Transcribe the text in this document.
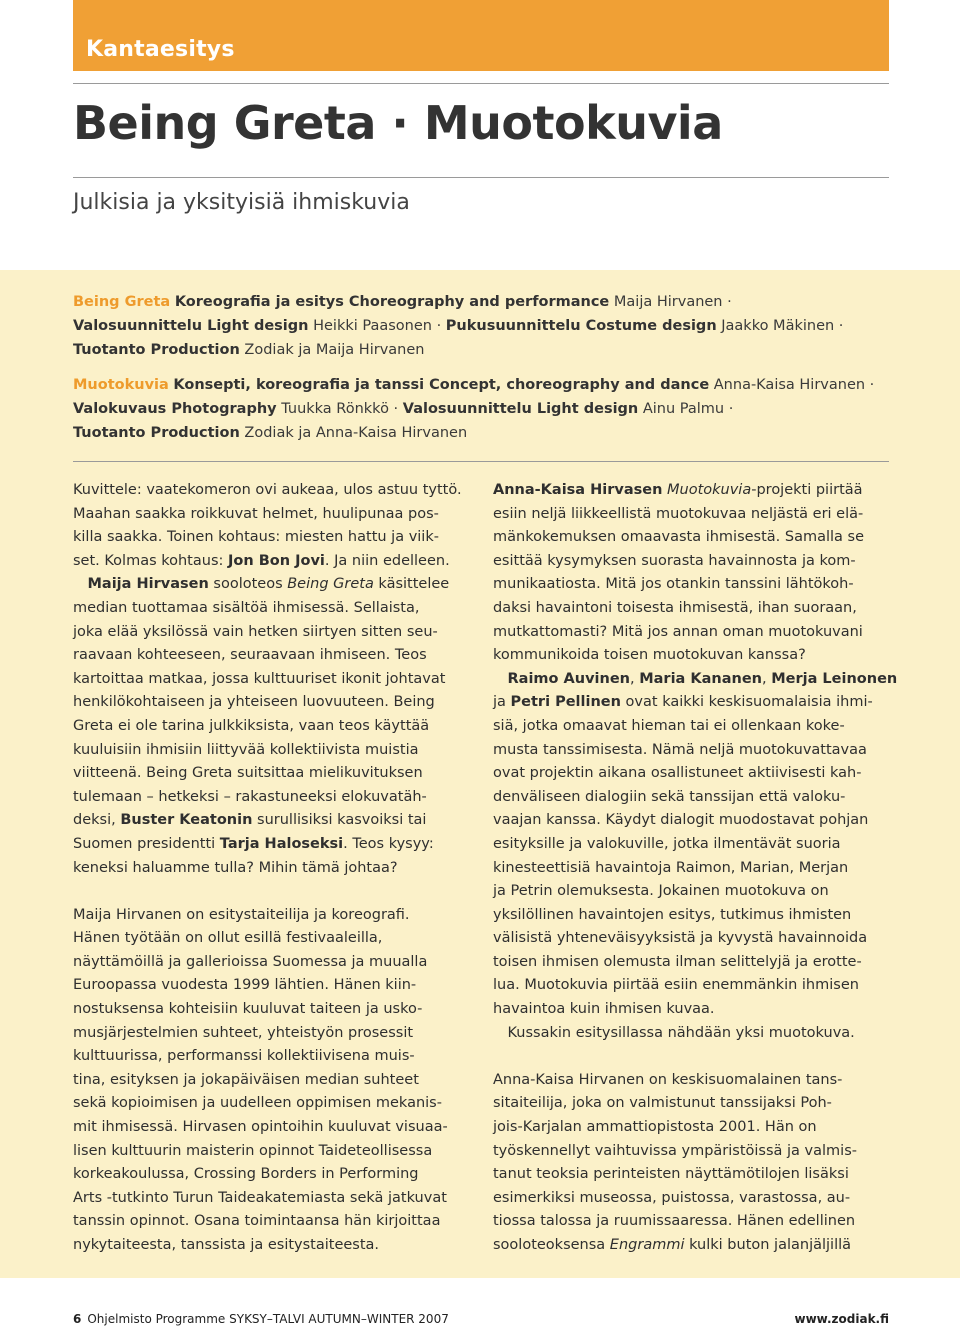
Kantaesitys
Being Greta · Muotokuvia
Julkisia ja yksityisiä ihmiskuvia
Being Greta Koreografia ja esitys Choreography and performance Maija Hirvanen ·
Valosuunnittelu Light design Heikki Paasonen · Pukusuunnittelu Costume design Jaakko Mäkinen ·
Tuotanto Production Zodiak ja Maija Hirvanen
Muotokuvia Konsepti, koreografia ja tanssi Concept, choreography and dance Anna-Kaisa Hirvanen ·
Valokuvaus Photography Tuukka Rönkkö · Valosuunnittelu Light design Ainu Palmu ·
Tuotanto Production Zodiak ja Anna-Kaisa Hirvanen
Kuvittele: vaatekomeron ovi aukeaa, ulos astuu tyttö.
Maahan saakka roikkuvat helmet, huulipunaa pos-
killa saakka. Toinen kohtaus: miesten hattu ja viik-
set. Kolmas kohtaus: Jon Bon Jovi. Ja niin edelleen.
 Maija Hirvasen sooloteos Being Greta käsittelee
median tuottamaa sisältöä ihmisessä. Sellaista,
joka elää yksilössä vain hetken siirtyen sitten seu-
raavaan kohteeseen, seuraavaan ihmiseen. Teos
kartoittaa matkaa, jossa kulttuuriset ikonit johtavat
henkilökohtaiseen ja yhteiseen luovuuteen. Being
Greta ei ole tarina julkkiksista, vaan teos käyttää
kuuluisiin ihmisiin liittyvää kollektiivista muistia
viitteenä. Being Greta suitsittaa mielikuvituksen
tulemaan – hetkeksi – rakastuneeksi elokuvatäh-
deksi, Buster Keatonin surullisiksi kasvoiksi tai
Suomen presidentti Tarja Haloseksi. Teos kysyy:
keneksi haluamme tulla? Mihin tämä johtaa?
Maija Hirvanen on esitystaiteilija ja koreografi.
Hänen työtään on ollut esillä festivaaleilla,
näyttämöillä ja gallerioissa Suomessa ja muualla
Euroopassa vuodesta 1999 lähtien. Hänen kiin-
nostuksensa kohteisiin kuuluvat taiteen ja usko-
musjärjestelmien suhteet, yhteistyön prosessit
kulttuurissa, performanssi kollektiivisena muis-
tina, esityksen ja jokapäiväisen median suhteet
sekä kopioimisen ja uudelleen oppimisen mekanis-
mit ihmisessä. Hirvasen opintoihin kuuluvat visuaa-
lisen kulttuurin maisterin opinnot Taideteollisessa
korkeakoulussa, Crossing Borders in Performing
Arts -tutkinto Turun Taideakatemiasta sekä jatkuvat
tanssin opinnot. Osana toimintaansa hän kirjoittaa
nykytaiteesta, tanssista ja esitystaiteesta.
Anna-Kaisa Hirvasen Muotokuvia-projekti piirtää
esiin neljä liikkeellistä muotokuvaa neljästä eri elä-
mänkokemuksen omaavasta ihmisestä. Samalla se
esittää kysymyksen suorasta havainnosta ja kom-
munikaatiosta. Mitä jos otankin tanssini lähtökoh-
daksi havaintoni toisesta ihmisestä, ihan suoraan,
mutkattomasti? Mitä jos annan oman muotokuvani
kommunikoida toisen muotokuvan kanssa?
 Raimo Auvinen, Maria Kananen, Merja Leinonen
ja Petri Pellinen ovat kaikki keskisuomalaisia ihmi-
siä, jotka omaavat hieman tai ei ollenkaan koke-
musta tanssimisesta. Nämä neljä muotokuvattavaa
ovat projektin aikana osallistuneet aktiivisesti kah-
denväliseen dialogiin sekä tanssijan että valoku-
vaajan kanssa. Käydyt dialogit muodostavat pohjan
esityksille ja valokuville, jotka ilmentävät suoria
kinesteettisiä havaintoja Raimon, Marian, Merjan
ja Petrin olemuksesta. Jokainen muotokuva on
yksilöllinen havaintojen esitys, tutkimus ihmisten
välisistä yhteneväisyyksistä ja kyvystä havainnoida
toisen ihmisen olemusta ilman selittelyjä ja erotte-
lua. Muotokuvia piirtää esiin enemmänkin ihmisen
havaintoa kuin ihmisen kuvaa.
 Kussakin esitysillassa nähdään yksi muotokuva.
Anna-Kaisa Hirvanen on keskisuomalainen tans-
sitaiteilija, joka on valmistunut tanssijaksi Poh-
jois-Karjalan ammattiopistosta 2001. Hän on
työskennellyt vaihtuvissa ympäristöissä ja valmis-
tanut teoksia perinteisten näyttämötilojen lisäksi
esimerkiksi museossa, puistossa, varastossa, au-
tiossa talossa ja ruumissaaressa. Hänen edellinen
sooloteoksensa Engrammi kulki buton jalanjäljillä
6 Ohjelmisto Programme SYKSY–TALVI AUTUMN–WINTER 2007	www.zodiak.fi
